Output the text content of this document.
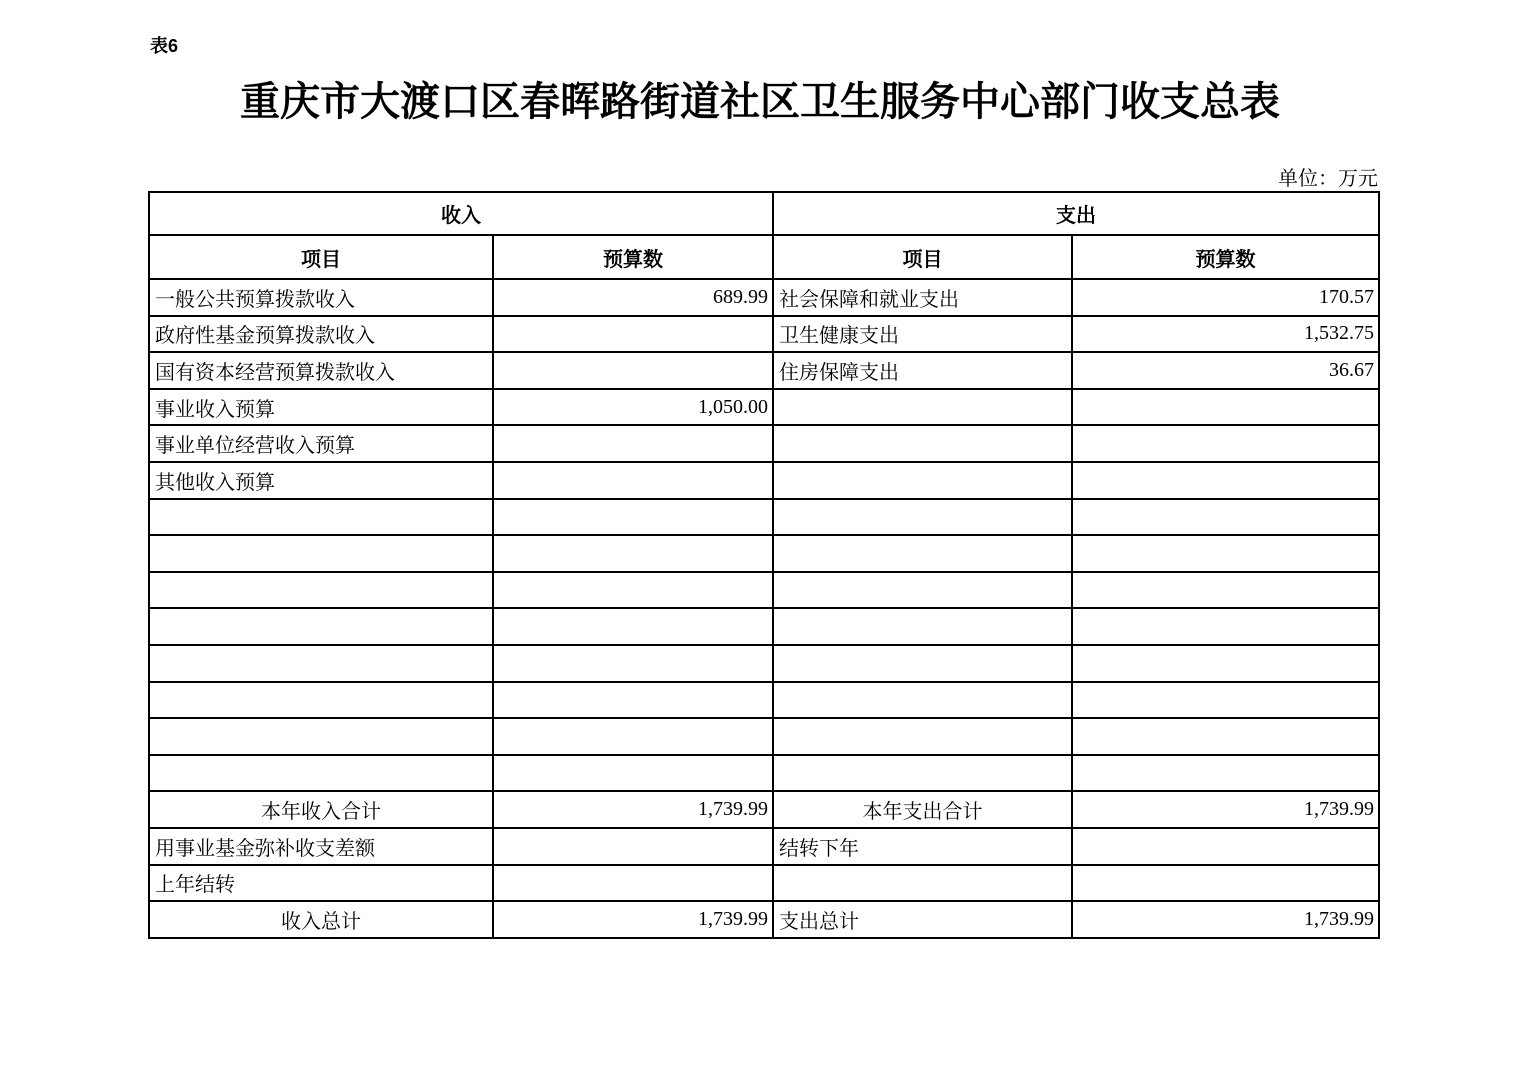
表6
重庆市大渡口区春晖路街道社区卫生服务中心部门收支总表
单位：万元
收入		支出	
项目	预算数	项目	预算数
一般公共预算拨款收入	689.99	社会保障和就业支出	170.57
政府性基金预算拨款收入		卫生健康支出	1,532.75
国有资本经营预算拨款收入		住房保障支出	36.67
事业收入预算	1,050.00		
事业单位经营收入预算			
其他收入预算			

本年收入合计	1,739.99	本年支出合计	1,739.99
用事业基金弥补收支差额		结转下年	
上年结转			
收入总计	1,739.99	支出总计	1,739.99
